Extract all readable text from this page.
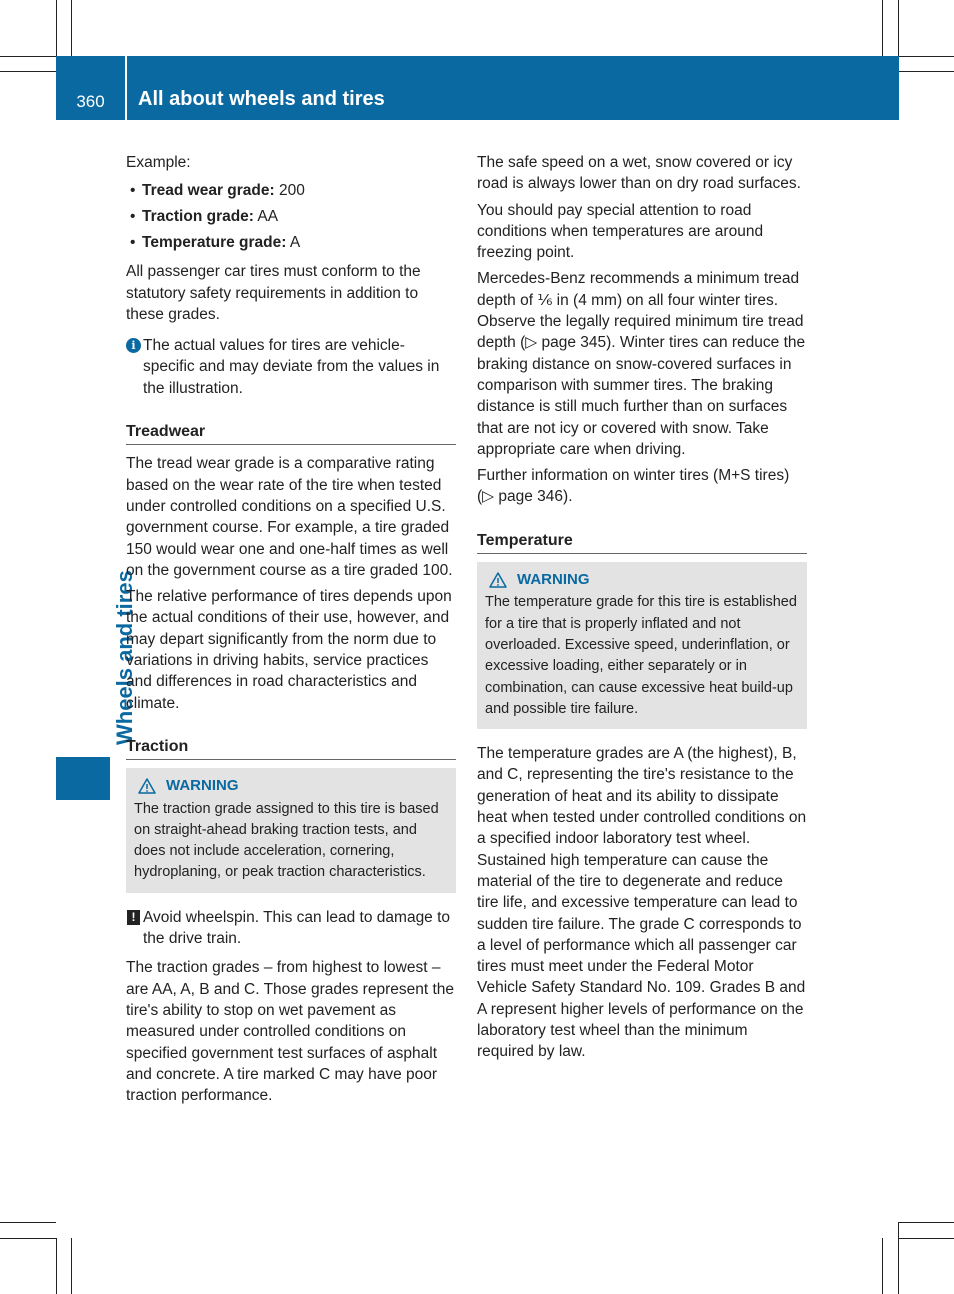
360	All about wheels and tires
Wheels and tires

Example:

• Tread wear grade: 200
• Traction grade: AA
• Temperature grade: A

All passenger car tires must conform to the statutory safety requirements in addition to these grades.

i The actual values for tires are vehicle-specific and may deviate from the values in the illustration.
Treadwear

The tread wear grade is a comparative rating based on the wear rate of the tire when tested under controlled conditions on a specified U.S. government course. For example, a tire graded 150 would wear one and one-half times as well on the government course as a tire graded 100.

The relative performance of tires depends upon the actual conditions of their use, however, and may depart significantly from the norm due to variations in driving habits, service practices and differences in road characteristics and climate.

Traction
WARNING
The traction grade assigned to this tire is based on straight-ahead braking traction tests, and does not include acceleration, cornering, hydroplaning, or peak traction characteristics.
! Avoid wheelspin. This can lead to damage to the drive train.

The traction grades – from highest to lowest – are AA, A, B and C. Those grades represent the tire's ability to stop on wet pavement as measured under controlled conditions on specified government test surfaces of asphalt and concrete. A tire marked C may have poor traction performance.

The safe speed on a wet, snow covered or icy road is always lower than on dry road surfaces.

You should pay special attention to road conditions when temperatures are around freezing point.

Mercedes-Benz recommends a minimum tread depth of ⅙ in (4 mm) on all four winter tires. Observe the legally required minimum tire tread depth (▷ page 345). Winter tires can reduce the braking distance on snow-covered surfaces in comparison with summer tires. The braking distance is still much further than on surfaces that are not icy or covered with snow. Take appropriate care when driving.

Further information on winter tires (M+S tires) (▷ page 346).

Temperature
WARNING
The temperature grade for this tire is established for a tire that is properly inflated and not overloaded. Excessive speed, underinflation, or excessive loading, either separately or in combination, can cause excessive heat build-up and possible tire failure.

The temperature grades are A (the highest), B, and C, representing the tire's resistance to the generation of heat and its ability to dissipate heat when tested under controlled conditions on a specified indoor laboratory test wheel. Sustained high temperature can cause the material of the tire to degenerate and reduce tire life, and excessive temperature can lead to sudden tire failure. The grade C corresponds to a level of performance which all passenger car tires must meet under the Federal Motor Vehicle Safety Standard No. 109. Grades B and A represent higher levels of performance on the laboratory test wheel than the minimum required by law.
